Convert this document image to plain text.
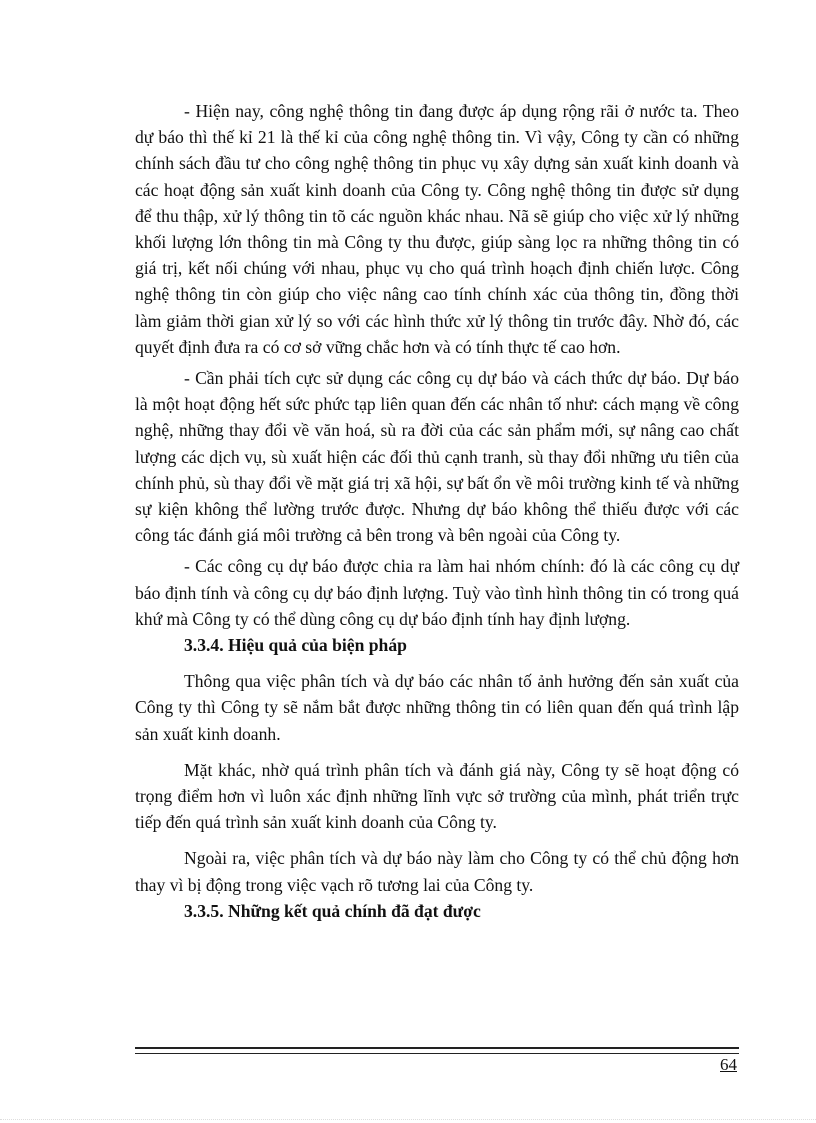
- Hiện nay, công nghệ thông tin đang được áp dụng rộng rãi ở nước ta. Theo dự báo thì thế kỉ 21 là thế kỉ của công nghệ thông tin. Vì vậy, Công ty cần có những chính sách đầu tư cho công nghệ thông tin phục vụ xây dựng sản xuất kinh doanh và các hoạt động sản xuất kinh doanh của Công ty. Công nghệ thông tin được sử dụng để thu thập, xử lý thông tin tõ các nguồn khác nhau. Nã sẽ giúp cho việc xử lý những khối lượng lớn thông tin mà Công ty thu được, giúp sàng lọc ra những thông tin có giá trị, kết nối chúng với nhau, phục vụ cho quá trình hoạch định chiến lược. Công nghệ thông tin còn giúp cho việc nâng cao tính chính xác của thông tin, đồng thời làm giảm thời gian xử lý so với các hình thức xử lý thông tin trước đây. Nhờ đó, các quyết định đưa ra có cơ sở vững chắc hơn và có tính thực tế cao hơn.

- Cần phải tích cực sử dụng các công cụ dự báo và cách thức dự báo. Dự báo là một hoạt động hết sức phức tạp liên quan đến các nhân tố như: cách mạng về công nghệ, những thay đổi về văn hoá, sù ra đời của các sản phẩm mới, sự nâng cao chất lượng các dịch vụ, sù xuất hiện các đối thủ cạnh tranh, sù thay đổi những ưu tiên của chính phủ, sù thay đổi về mặt giá trị xã hội, sự bất ổn về môi trường kinh tế và những sự kiện không thể lường trước được. Nhưng dự báo không thể thiếu được với các công tác đánh giá môi trường cả bên trong và bên ngoài của Công ty.

- Các công cụ dự báo được chia ra làm hai nhóm chính: đó là các công cụ dự báo định tính và công cụ dự báo định lượng. Tuỳ vào tình hình thông tin có trong quá khứ mà Công ty có thể dùng công cụ dự báo định tính hay định lượng.

3.3.4. Hiệu quả của biện pháp

Thông qua việc phân tích và dự báo các nhân tố ảnh hưởng đến sản xuất của Công ty thì Công ty sẽ nắm bắt được những thông tin có liên quan đến quá trình lập sản xuất kinh doanh.

Mặt khác, nhờ quá trình phân tích và đánh giá này, Công ty sẽ hoạt động có trọng điểm hơn vì luôn xác định những lĩnh vực sở trường của mình, phát triển trực tiếp đến quá trình sản xuất kinh doanh của Công ty.

Ngoài ra, việc phân tích và dự báo này làm cho Công ty có thể chủ động hơn thay vì bị động trong việc vạch rõ tương lai của Công ty.

3.3.5. Những kết quả chính đã đạt được

64
